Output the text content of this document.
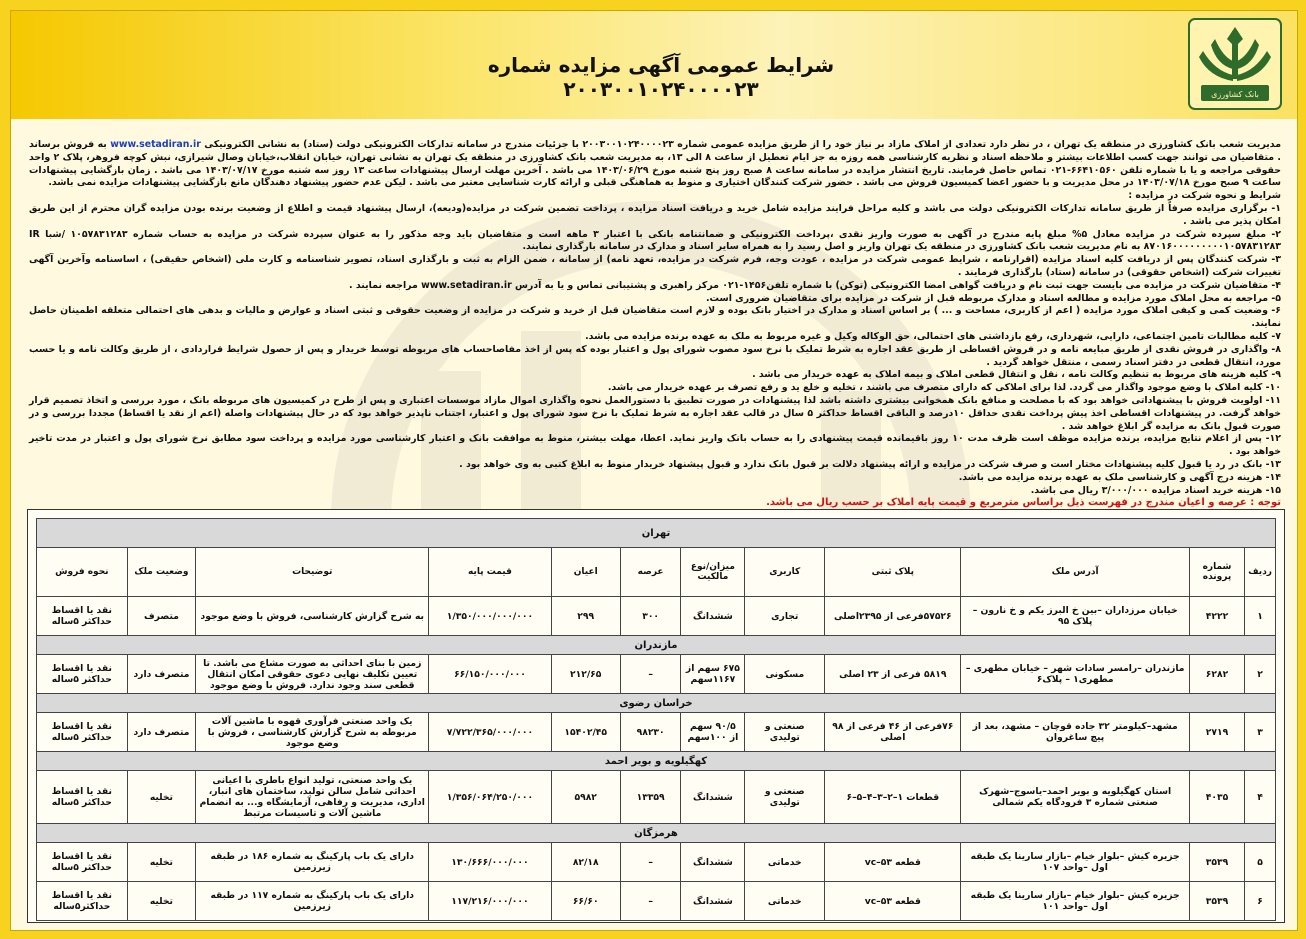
بانک کشاورزی
شرایط عمومی آگهی مزایده شماره ۲۰۰۳۰۰۱۰۲۴۰۰۰۰۲۳

مدیریت شعب بانک کشاورزی در منطقه یک تهران ، در نظر دارد تعدادی از املاک مازاد بر نیاز خود را از طریق مزایده عمومی شماره ۲۰۰۳۰۰۱۰۲۴۰۰۰۰۲۳ با جزئیات مندرج در سامانه تدارکات الکترونیکی دولت (ستاد) به نشانی الکترونیکی www.setadiran.ir به فروش برساند . متقاضیان می توانند جهت کسب اطلاعات بیشتر و ملاحظه اسناد و نظریه کارشناسی همه روزه به جز ایام تعطیل از ساعت ۸ الی ۱۳، به مدیریت شعب بانک کشاورزی در منطقه یک تهران به نشانی تهران، خیابان انقلاب،خیابان وصال شیرازی، نبش کوچه فروهر، پلاک ۲ واحد حقوقی مراجعه و یا با شماره تلفن ۶۶۴۱۰۵۶۰-۰۲۱ تماس حاصل فرمایند. تاریخ انتشار مزایده در سامانه ساعت ۸ صبح روز پنج شنبه مورخ ۱۴۰۳/۰۶/۲۹ می باشد . آخرین مهلت ارسال پیشنهادات ساعت ۱۳ روز سه شنبه مورخ ۱۴۰۳/۰۷/۱۷ می باشد . زمان بازگشایی پیشنهادات ساعت ۹ صبح مورخ ۱۴۰۳/۰۷/۱۸ در محل مدیریت و با حضور اعضا کمیسیون فروش می باشد . حضور شرکت کنندگان اختیاری و منوط به هماهنگی قبلی و ارائه کارت شناسایی معتبر می باشد . لیکن عدم حضور پیشنهاد دهندگان مانع بازگشایی پیشنهادات مزایده نمی باشد.

شرایط و نحوه شرکت در مزایده :

۱- برگزاری مزایده صرفاً از طریق سامانه تدارکات الکترونیکی دولت می باشد و کلیه مراحل فرایند مزایده شامل خرید و دریافت اسناد مزایده ، پرداخت تضمین شرکت در مزایده(ودیعه)، ارسال پیشنهاد قیمت و اطلاع از وضعیت برنده بودن مزایده گران محترم از این طریق امکان پذیر می باشد .
۲- مبلغ سپرده شرکت در مزایده معادل ۵% مبلغ پایه مندرج در آگهی به صورت واریز نقدی ،پرداخت الکترونیکی و ضمانتنامه بانکی با اعتبار ۳ ماهه است و متقاضیان باید وجه مذکور را به عنوان سپرده شرکت در مزایده به حساب شماره ۱۰۵۷۸۳۱۲۸۳ /شبا IR ۸۷۰۱۶۰۰۰۰۰۰۰۰۰۱۰۵۷۸۳۱۲۸۳ به نام مدیریت شعب بانک کشاورزی در منطقه یک تهران واریز و اصل رسید را به همراه سایر اسناد و مدارک در سامانه بارگذاری نمایند.
۳- شرکت کنندگان پس از دریافت کلیه اسناد مزایده (اقرارنامه ، شرایط عمومی شرکت در مزایده ، عودت وجه، فرم شرکت در مزایده، تعهد نامه) از سامانه ، ضمن الزام به ثبت و بارگذاری اسناد، تصویر شناسنامه و کارت ملی (اشخاص حقیقی) ، اساسنامه وآخرین آگهی تغییرات شرکت (اشخاص حقوقی) در سامانه (ستاد) بارگذاری فرمایند .
۴- متقاضیان شرکت در مزایده می بایست جهت ثبت نام و دریافت گواهی امضا الکترونیکی (توکن) با شماره تلفن۱۴۵۶-۰۲۱ مرکز راهبری و پشتیبانی تماس و یا به آدرس www.setadiran.ir مراجعه نمایند .
۵- مراجعه به محل املاک مورد مزایده و مطالعه اسناد و مدارک مربوطه قبل از شرکت در مزایده برای متقاضیان ضروری است.
۶- وضعیت کمی و کیفی املاک مورد مزایده ( اعم از کاربری، مساحت و ... ) بر اساس اسناد و مدارک در اختیار بانک بوده و لازم است متقاضیان قبل از خرید و شرکت در مزایده از وضعیت حقوقی و ثبتی اسناد و عوارض و مالیات و بدهی های احتمالی متعلقه اطمینان حاصل نمایند.
۷- کلیه مطالبات تامین اجتماعی، دارایی، شهرداری، رفع بازداشتی های احتمالی، حق الوکاله وکیل و غیره مربوط به ملک به عهده برنده مزایده می باشد.
۸- واگذاری در فروش نقدی از طریق مبایعه نامه و در فروش اقساطی از طریق عقد اجاره به شرط تملیک با نرخ سود مصوب شورای پول و اعتبار بوده که پس از اخذ مفاصاحساب های مربوطه توسط خریدار و پس از حصول شرایط قراردادی ، از طریق وکالت نامه و یا حسب مورد، انتقال قطعی در دفتر اسناد رسمی ، منتقل خواهد گردید .
۹- کلیه هزینه های مربوط به تنظیم وکالت نامه ، نقل و انتقال قطعی املاک و بیمه املاک به عهده خریدار می باشد .
۱۰- کلیه املاک با وضع موجود واگذار می گردد. لذا برای املاکی که دارای متصرف می باشند ، تخلیه و خلع ید و رفع تصرف بر عهده خریدار می باشد.
۱۱- اولویت فروش با پیشنهاداتی خواهد بود که با مصلحت و منافع بانک همخوانی بیشتری داشته باشد لذا پیشنهادات در صورت تطبیق با دستورالعمل نحوه واگذاری اموال مازاد موسسات اعتباری و پس از طرح در کمیسیون های مربوطه بانک ، مورد بررسی و اتخاذ تصمیم قرار خواهد گرفت. در پیشنهادات اقساطی اخذ پیش پرداخت نقدی حداقل ۱۰درصد و الباقی اقساط حداکثر ۵ سال در قالب عقد اجاره به شرط تملیک با نرخ سود شورای پول و اعتبار، اجتناب ناپذیر خواهد بود که در حال پیشنهادات واصله (اعم از نقد یا اقساط) مجددا بررسی و در صورت قبول بانک به مزایده گر ابلاغ خواهد شد .
۱۲- پس از اعلام نتایج مزایده، برنده مزایده موظف است ظرف مدت ۱۰ روز باقیمانده قیمت پیشنهادی را به حساب بانک واریز نماید. اعطا، مهلت بیشتر، منوط به موافقت بانک و اعتبار کارشناسی مورد مزایده و پرداخت سود مطابق نرخ شورای پول و اعتبار در مدت تاخیر خواهد بود .
۱۳- بانک در رد یا قبول کلیه پیشنهادات مختار است و صرف شرکت در مزایده و ارائه پیشنهاد دلالت بر قبول بانک ندارد و قبول پیشنهاد خریدار منوط به ابلاغ کتبی به وی خواهد بود .
۱۴- هزینه درج آگهی و کارشناسی ملک به عهده برنده مزایده می باشد.
۱۵- هزینه خرید اسناد مزایده ۳/۰۰۰/۰۰۰ ریال می باشد.

توجه : عرصه و اعیان مندرج در فهرست ذیل براساس مترمربع و قیمت پایه املاک بر حسب ریال می باشد.

تهران											
ردیف	شماره پرونده	آدرس ملک	پلاک ثبتی	کاربری	میزان/نوع مالکیت	عرصه	اعیان	قیمت پایه	توضیحات	وضعیت ملک	نحوه فروش
۱	۴۲۲۲	خیابان مرزداران –بین خ البرز یکم و خ نارون –پلاک ۹۵	۵۷۵۲۶فرعی از ۲۳۹۵اصلی	تجاری	ششدانگ	۳۰۰	۲۹۹	۱/۳۵۰/۰۰۰/۰۰۰/۰۰۰	به شرح گزارش کارشناسی، فروش با وضع موجود	متصرف	نقد یا اقساط حداکثر ۵ساله
مازندران											
۲	۶۲۸۲	مازندران –رامسر سادات شهر – خیابان مطهری – مطهری۱ – پلاک۶	۵۸۱۹ فرعی از ۲۳ اصلی	مسکونی	۶۷۵ سهم از ۱۱۶۷سهم	–	۲۱۲/۶۵	۶۶/۱۵۰/۰۰۰/۰۰۰	زمین با بنای احداثی به صورت مشاع می باشد. تا تعیین تکلیف نهایی دعوی حقوقی امکان انتقال قطعی سند وجود ندارد. فروش با وضع موجود	متصرف دارد	نقد یا اقساط حداکثر ۵ساله
خراسان رضوی											
۳	۲۷۱۹	مشهد–کیلومتر ۳۲ جاده قوچان – مشهد، بعد از پیچ ساغروان	۷۶فرعی از ۴۶ فرعی از ۹۸ اصلی	صنعتی و تولیدی	۹۰/۵ سهم از ۱۰۰سهم	۹۸۲۳۰	۱۵۴۰۲/۴۵	۷/۷۲۲/۳۶۵/۰۰۰/۰۰۰	یک واحد صنعتی فرآوری قهوه با ماشین آلات مربوطه به شرح گزارش کارشناسی ، فروش با وضع موجود	متصرف دارد	نقد یا اقساط حداکثر ۵ساله
کهگیلویه و بویر احمد											
۴	۴۰۳۵	استان کهگیلویه و بویر احمد–یاسوج–شهرک صنعتی شماره ۳ فرودگاه یکم شمالی	قطعات ۱–۲–۳–۴–۵–۶	صنعتی و تولیدی	ششدانگ	۱۳۳۵۹	۵۹۸۲	۱/۳۵۶/۰۶۴/۲۵۰/۰۰۰	یک واحد صنعتی، تولید انواع باطری با اعیانی احداثی شامل سالن تولید، ساختمان های انبار، اداری، مدیریت و رفاهی، آزمایشگاه و... به انضمام ماشین آلات و تاسیسات مرتبط	تخلیه	نقد یا اقساط حداکثر ۵ساله
هرمزگان											
۵	۳۵۳۹	جزیره کیش –بلوار خیام –بازار سارینا یک طبقه اول –واحد ۱۰۷	قطعه ۵۳–vc	خدماتی	ششدانگ	–	۸۲/۱۸	۱۳۰/۶۶۶/۰۰۰/۰۰۰	دارای یک باب پارکینگ به شماره ۱۸۶ در طبقه زیرزمین	تخلیه	نقد یا اقساط حداکثر ۵ساله
۶	۳۵۳۹	جزیره کیش –بلوار خیام –بازار سارینا یک طبقه اول –واحد ۱۰۱	قطعه ۵۳–vc	خدماتی	ششدانگ	–	۶۶/۶۰	۱۱۷/۲۱۶/۰۰۰/۰۰۰	دارای یک باب پارکینگ به شماره ۱۱۷ در طبقه زیرزمین	تخلیه	نقد یا اقساط حداکثر۵ساله
